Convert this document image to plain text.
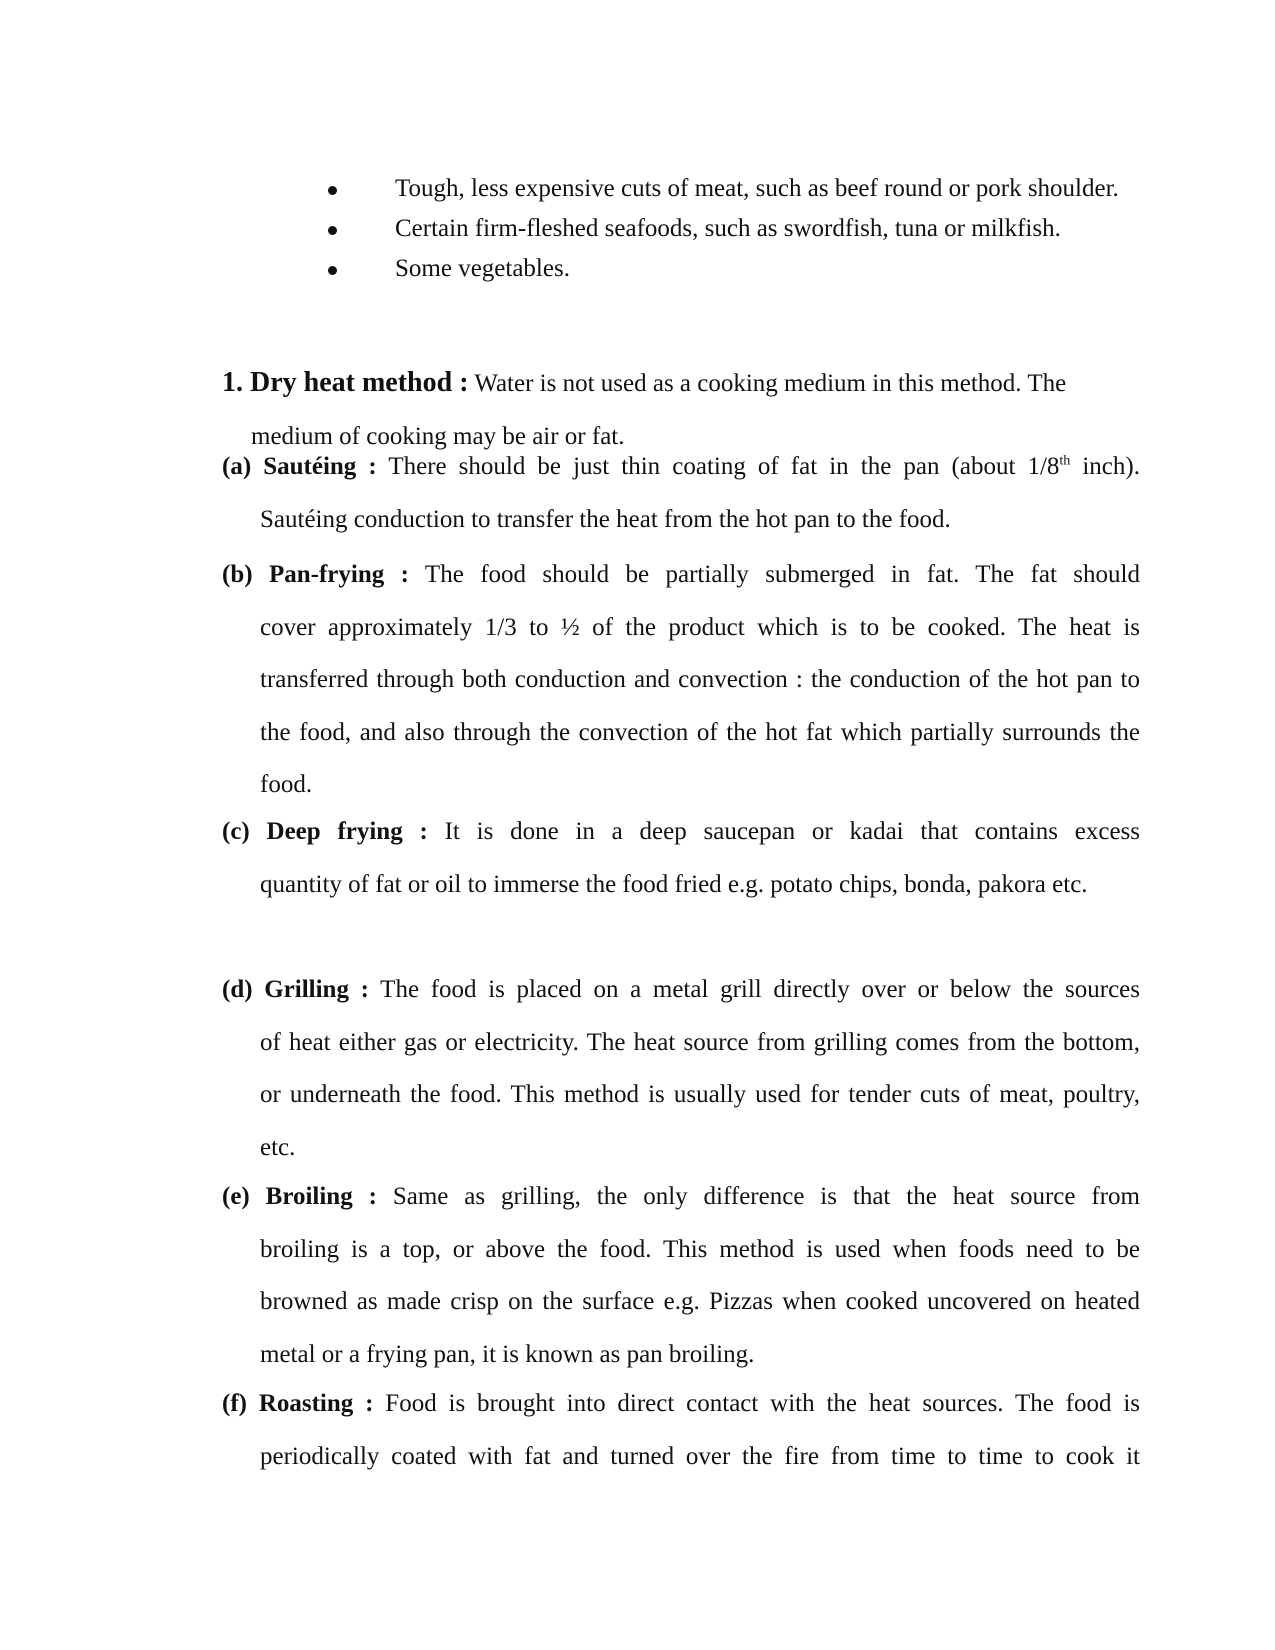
Tough, less expensive cuts of meat, such as beef round or pork shoulder.
Certain firm-fleshed seafoods, such as swordfish, tuna or milkfish.
Some vegetables.
1. Dry heat method : Water is not used as a cooking medium in this method. The
medium of cooking may be air or fat.
(a) Sautéing : There should be just thin coating of fat in the pan (about 1/8th inch).
Sautéing conduction to transfer the heat from the hot pan to the food.
(b) Pan-frying : The food should be partially submerged in fat. The fat should
cover approximately 1/3 to ½ of the product which is to be cooked. The heat is transferred through both conduction and convection : the conduction of the hot pan to the food, and also through the convection of the hot fat which partially surrounds the food.
(c) Deep frying : It is done in a deep saucepan or kadai that contains excess
quantity of fat or oil to immerse the food fried e.g. potato chips, bonda, pakora etc.
(d) Grilling : The food is placed on a metal grill directly over or below the sources
of heat either gas or electricity. The heat source from grilling comes from the bottom, or underneath the food. This method is usually used for tender cuts of meat, poultry, etc.
(e) Broiling : Same as grilling, the only difference is that the heat source from
broiling is a top, or above the food. This method is used when foods need to be browned as made crisp on the surface e.g. Pizzas when cooked uncovered on heated metal or a frying pan, it is known as pan broiling.
(f) Roasting : Food is brought into direct contact with the heat sources. The food is
periodically coated with fat and turned over the fire from time to time to cook it
